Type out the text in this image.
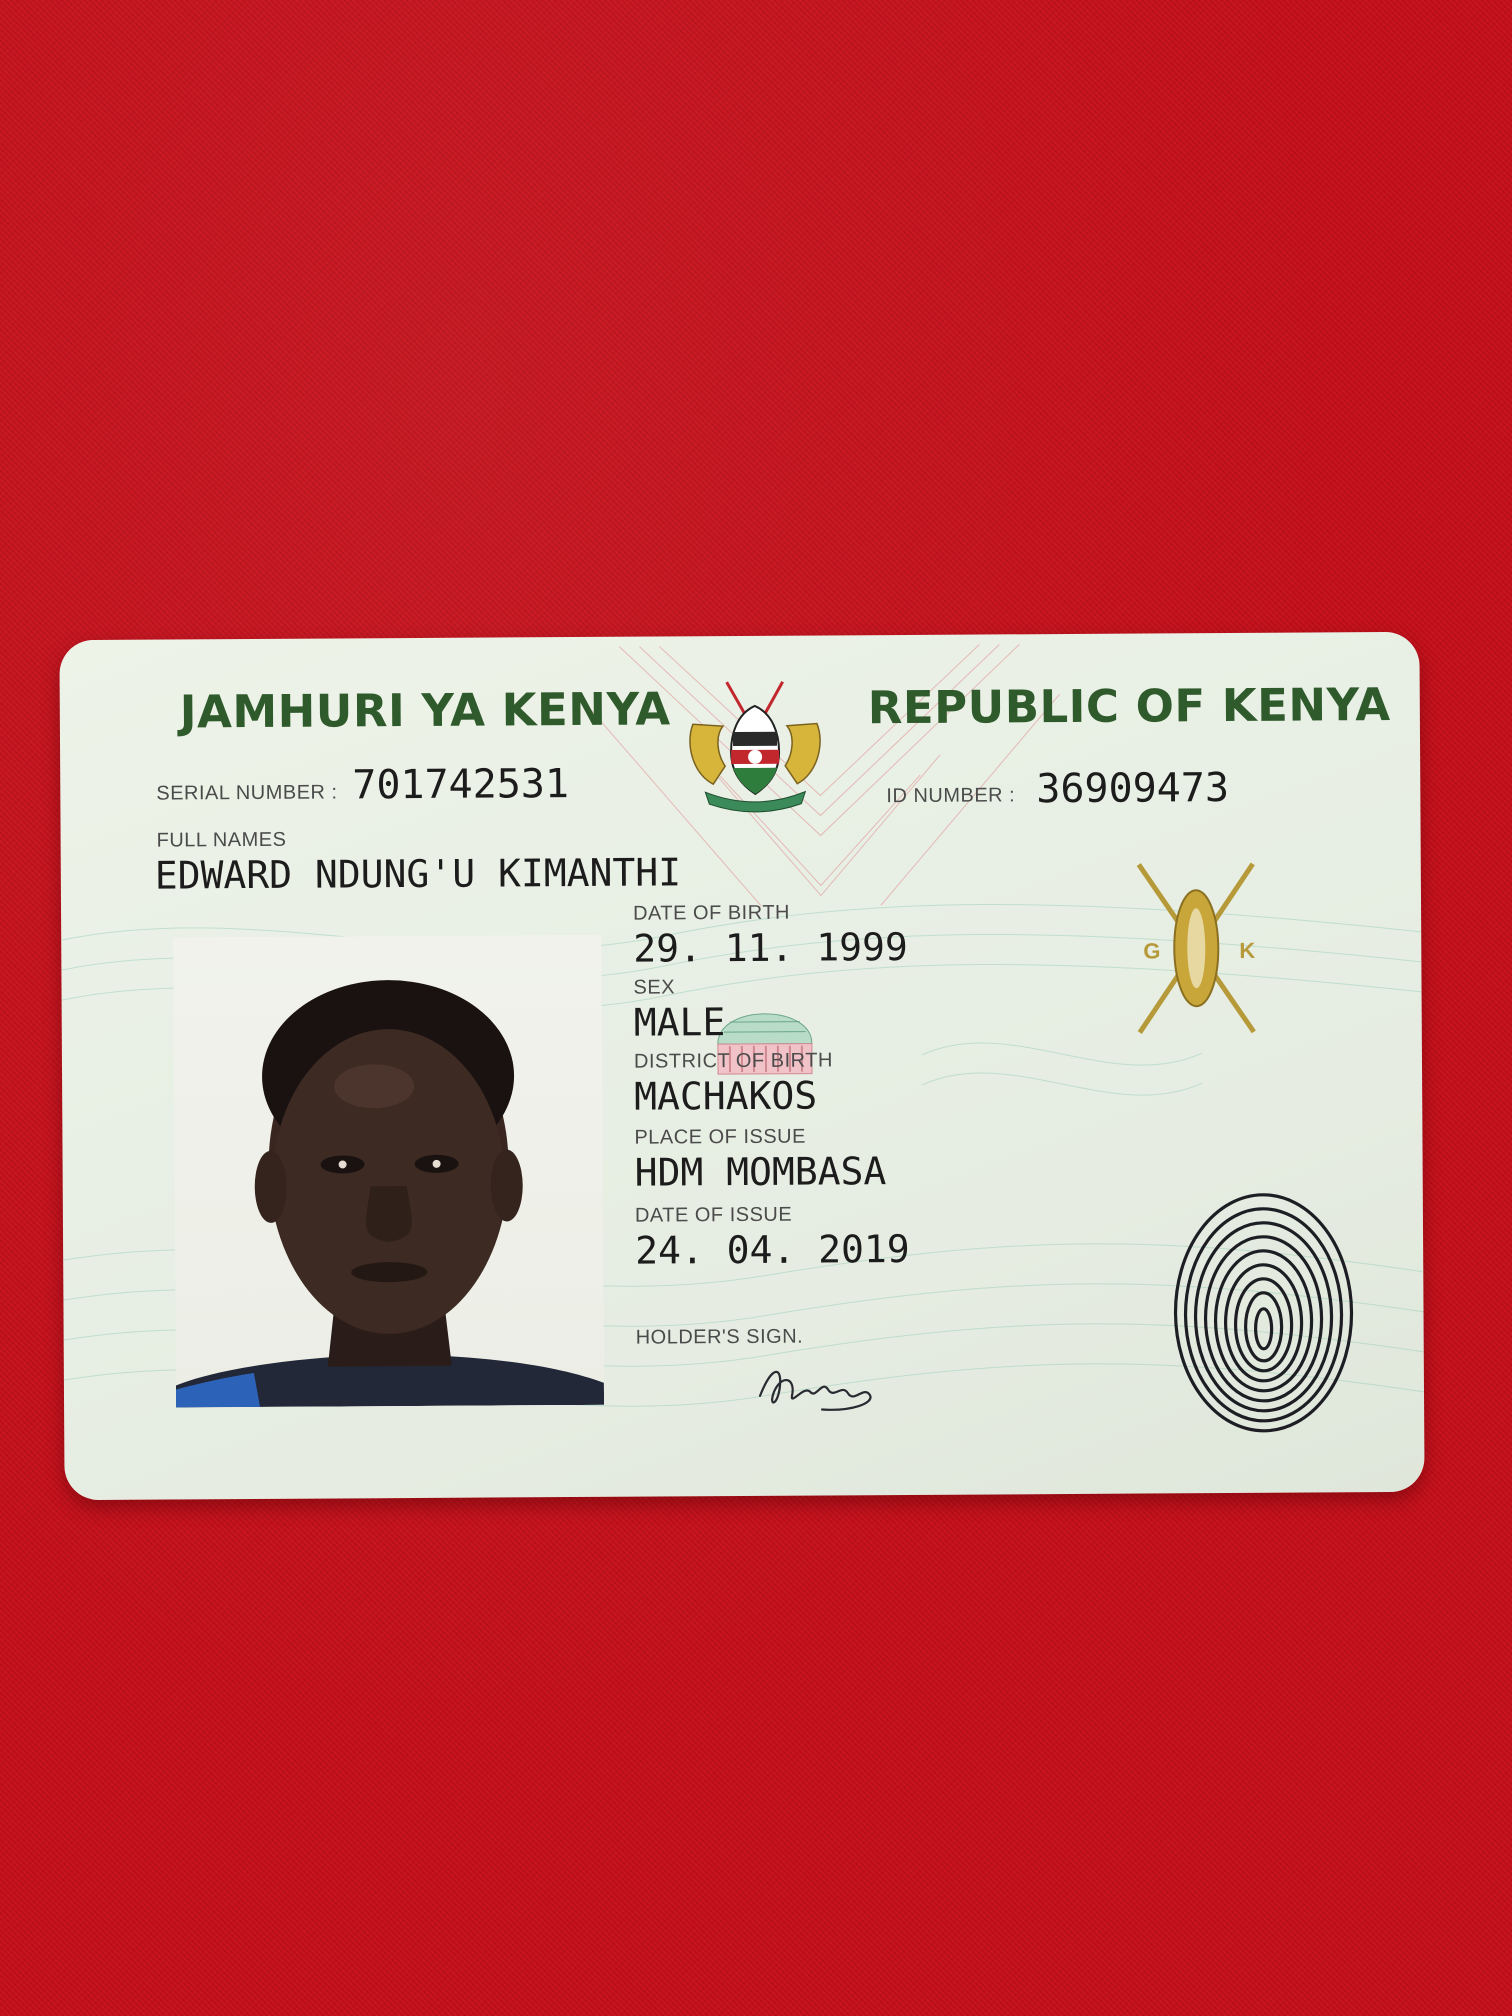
JAMHURI YA KENYA	REPUBLIC OF KENYA
SERIAL NUMBER : 701742531	ID NUMBER : 36909473
FULL NAMES
EDWARD NDUNG'U KIMANTHI
DATE OF BIRTH
29. 11. 1999
SEX
MALE
DISTRICT OF BIRTH
MACHAKOS
PLACE OF ISSUE
HDM MOMBASA
DATE OF ISSUE
24. 04. 2019
HOLDER'S SIGN.
G	K
